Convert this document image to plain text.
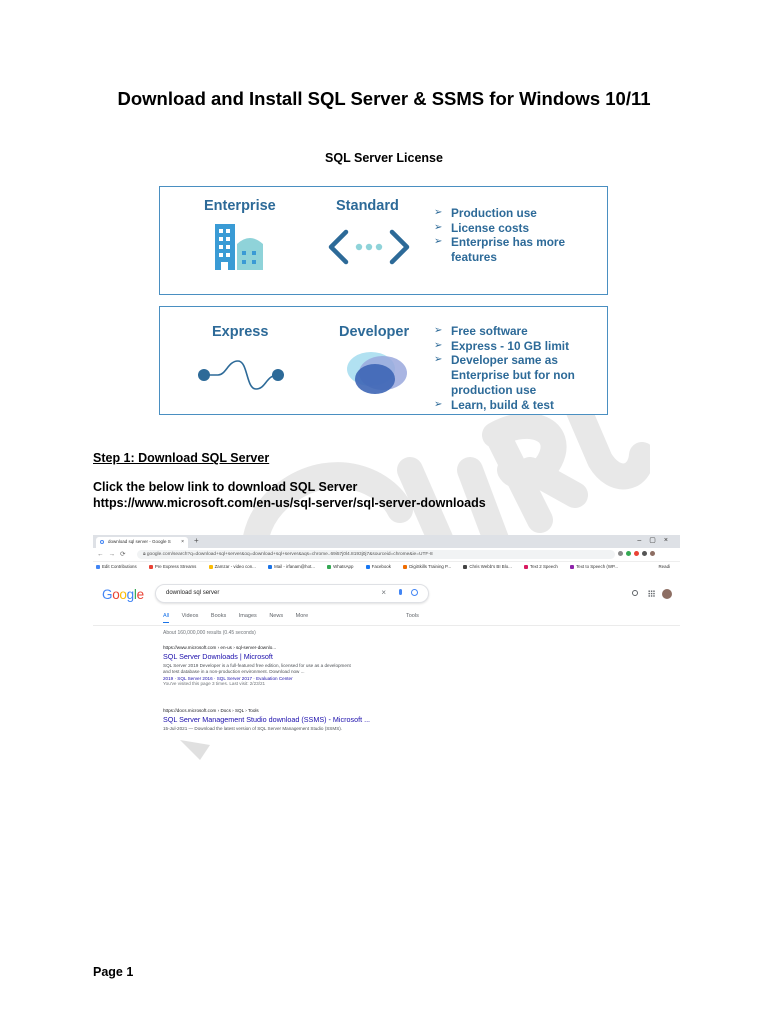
Download and Install SQL Server & SSMS for Windows 10/11
SQL Server License
Enterprise	Standard	➢ Production use
➢ License costs
➢ Enterprise has more
features
Express	Developer	➢ Free software
➢ Express - 10 GB limit
➢ Developer same as
Enterprise but for non
production use
➢ Learn, build & test
Step 1: Download SQL Server
Click the below link to download SQL Server
https://www.microsoft.com/en-us/sql-server/sql-server-downloads
download sql server - Google S × +	–▢×
←→⟳	🔒︎ google.com/search?q=download+sql+server&oq=download+sql+server&aqs=chrome..69i57j0l4.8193j0j7&sourceid=chrome&ie=UTF-8
Edit Contributions	Pre Express Streams	Zamzar - video con...	Mail - irfanam@hot...	WhatsApp	Facebook	DigiSkills Training P...	Chris Webb's BI Blo...	Text 2 Speech	Text to Speech (WP...	Readi
Google	download sql server	×
All Videos Books Images News More	Tools
About 160,000,000 results (0.45 seconds)
https://www.microsoft.com › en-us › sql-server-downlo...
SQL Server Downloads | Microsoft
SQL Server 2019 Developer is a full-featured free edition, licensed for use as a development
and test database in a non-production environment. Download now ...
2019 · SQL Server 2016 · SQL Server 2017 · Evaluation Center
You've visited this page 3 times. Last visit: 2/23/21
https://docs.microsoft.com › Docs › SQL › Tools
SQL Server Management Studio download (SSMS) - Microsoft ...
15-Jul-2021 — Download the latest version of SQL Server Management Studio (SSMS).
Page 1
